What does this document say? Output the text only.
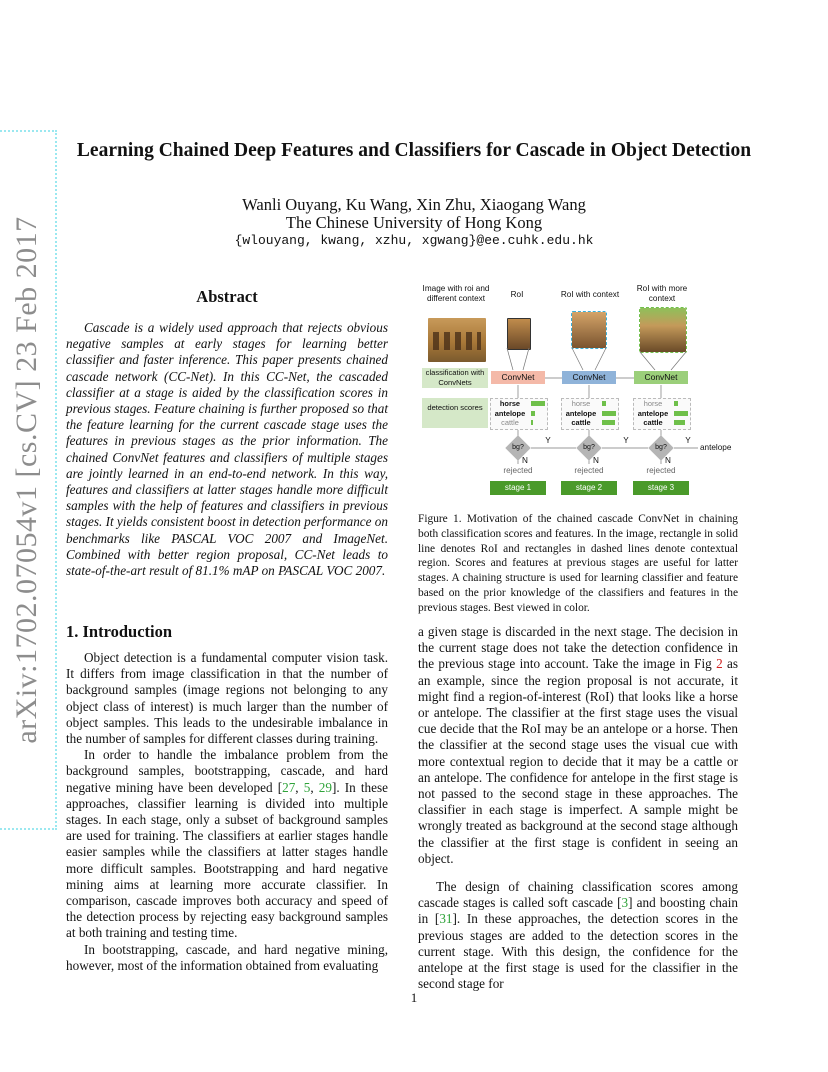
arXiv:1702.07054v1 [cs.CV] 23 Feb 2017
Learning Chained Deep Features and Classifiers for Cascade in Object Detection
Wanli Ouyang, Ku Wang, Xin Zhu, Xiaogang Wang
The Chinese University of Hong Kong
{wlouyang, kwang, xzhu, xgwang}@ee.cuhk.edu.hk
Abstract
Cascade is a widely used approach that rejects obvious negative samples at early stages for learning better classifier and faster inference. This paper presents chained cascade network (CC-Net). In this CC-Net, the cascaded classifier at a stage is aided by the classification scores in previous stages. Feature chaining is further proposed so that the feature learning for the current cascade stage uses the features in previous stages as the prior information. The chained ConvNet features and classifiers of multiple stages are jointly learned in an end-to-end network. In this way, features and classifiers at latter stages handle more difficult samples with the help of features and classifiers in previous stages. It yields consistent boost in detection performance on benchmarks like PASCAL VOC 2007 and ImageNet. Combined with better region proposal, CC-Net leads to state-of-the-art result of 81.1% mAP on PASCAL VOC 2007.
1. Introduction

Object detection is a fundamental computer vision task. It differs from image classification in that the number of background samples (image regions not belonging to any object class of interest) is much larger than the number of object samples. This leads to the undesirable imbalance in the number of samples for different classes during training.

In order to handle the imbalance problem from the background samples, bootstrapping, cascade, and hard negative mining have been developed [27, 5, 29]. In these approaches, classifier learning is divided into multiple stages. In each stage, only a subset of background samples are used for training. The classifiers at earlier stages handle easier samples while the classifiers at latter stages handle more difficult samples. Bootstrapping and hard negative mining aims at learning more accurate classifier. In comparison, cascade improves both accuracy and speed of the detection process by rejecting easy background samples at both training and testing time.

In bootstrapping, cascade, and hard negative mining, however, most of the information obtained from evaluating

Image with roi and different context	RoI	RoI with context
RoI with more context
classification with ConvNets
detection scores
ConvNet	ConvNet	ConvNet
horse
antelope
cattle
horse
antelope
cattle
horse
antelope
cattle
bg?	bg?	bg?
Y	Y	Y
antelope
N	N	N
rejected	rejected	rejected
stage 1	stage 2	stage 3
Figure 1. Motivation of the chained cascade ConvNet in chaining both classification scores and features. In the image, rectangle in solid line denotes RoI and rectangles in dashed lines denote contextual region. Scores and features at previous stages are useful for latter stages. A chaining structure is used for learning classifier and feature based on the prior knowledge of the classifiers and features in the previous stages. Best viewed in color.

a given stage is discarded in the next stage. The decision in the current stage does not take the detection confidence in the previous stage into account. Take the image in Fig 2 as an example, since the region proposal is not accurate, it might find a region-of-interest (RoI) that looks like a horse or antelope. The classifier at the first stage uses the visual cue decide that the RoI may be an antelope or a horse. Then the classifier at the second stage uses the visual cue with more contextual region to decide that it may be a cattle or an antelope. The confidence for antelope in the first stage is not passed to the second stage in these approaches. The classifier in each stage is imperfect. A sample might be wrongly treated as background at the second stage although the classifier at the first stage is confident in seeing an object.

The design of chaining classification scores among cascade stages is called soft cascade [3] and boosting chain in [31]. In these approaches, the detection scores in the previous stages are added to the detection scores in the current stage. With this design, the confidence for the antelope at the first stage is used for the classifier in the second stage for

1
